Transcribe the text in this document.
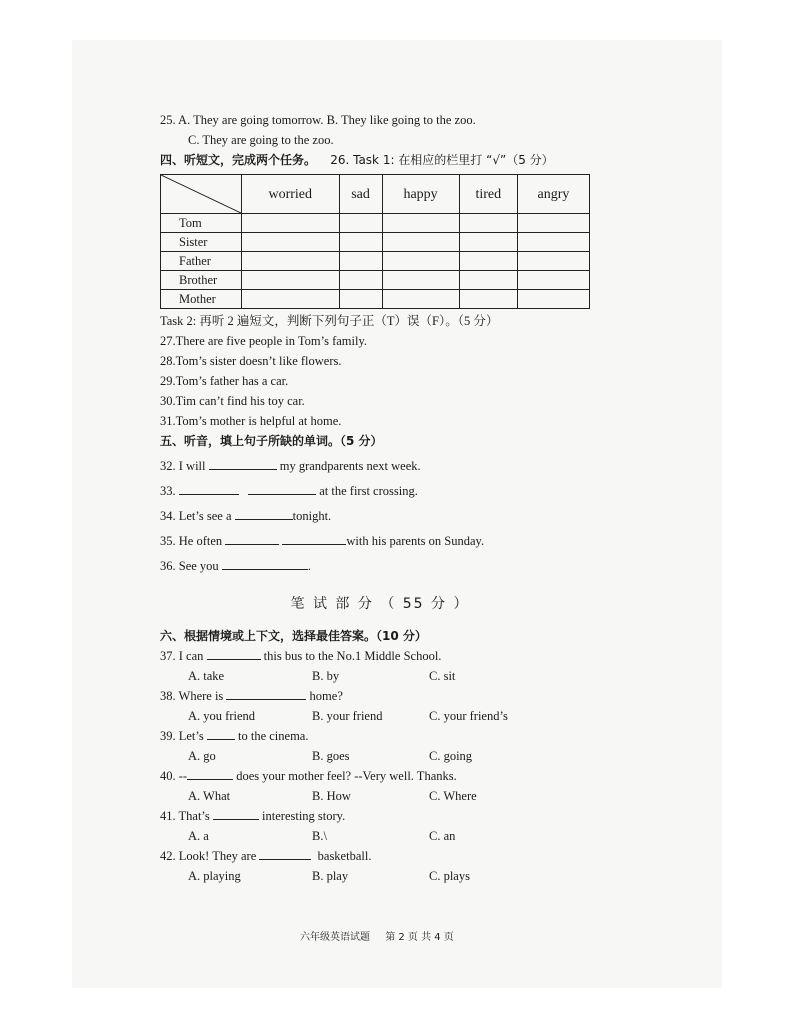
25. A. They are going tomorrow. B. They like going to the zoo.
C. They are going to the zoo.
四、听短文，完成两个任务。 26. Task 1: 在相应的栏里打 “√”（5 分）
	worried	sad	happy	tired	angry
Tom					
Sister					
Father					
Brother					
Mother					
Task 2: 再听 2 遍短文，判断下列句子正（T）误（F）。（5 分）
27.There are five people in Tom’s family.
28.Tom’s sister doesn’t like flowers.
29.Tom’s father has a car.
30.Tim can’t find his toy car.
31.Tom’s mother is helpful at home.
五、听音，填上句子所缺的单词。（5 分）
32. I will	my grandparents next week.
33.	at the first crossing.
34. Let’s see a	tonight.
35. He often	with his parents on Sunday.
36. See you	.
笔 试 部 分 （ 55 分 ）
六、根据情境或上下文，选择最佳答案。（10 分）
37. I can	this bus to the No.1 Middle School.
A. take	B. by	C. sit
38. Where is	home?
A. you friend	B. your friend	C. your friend’s
39. Let’s	to the cinema.
A. go	B. goes	C. going
40. --	does your mother feel? --Very well. Thanks.
A. What	B. How	C. Where
41. That’s	interesting story.
A. a	B.\	C. an
42. Look! They are	basketball.
A. playing	B. play	C. plays
六年级英语试题 第 2 页 共 4 页
